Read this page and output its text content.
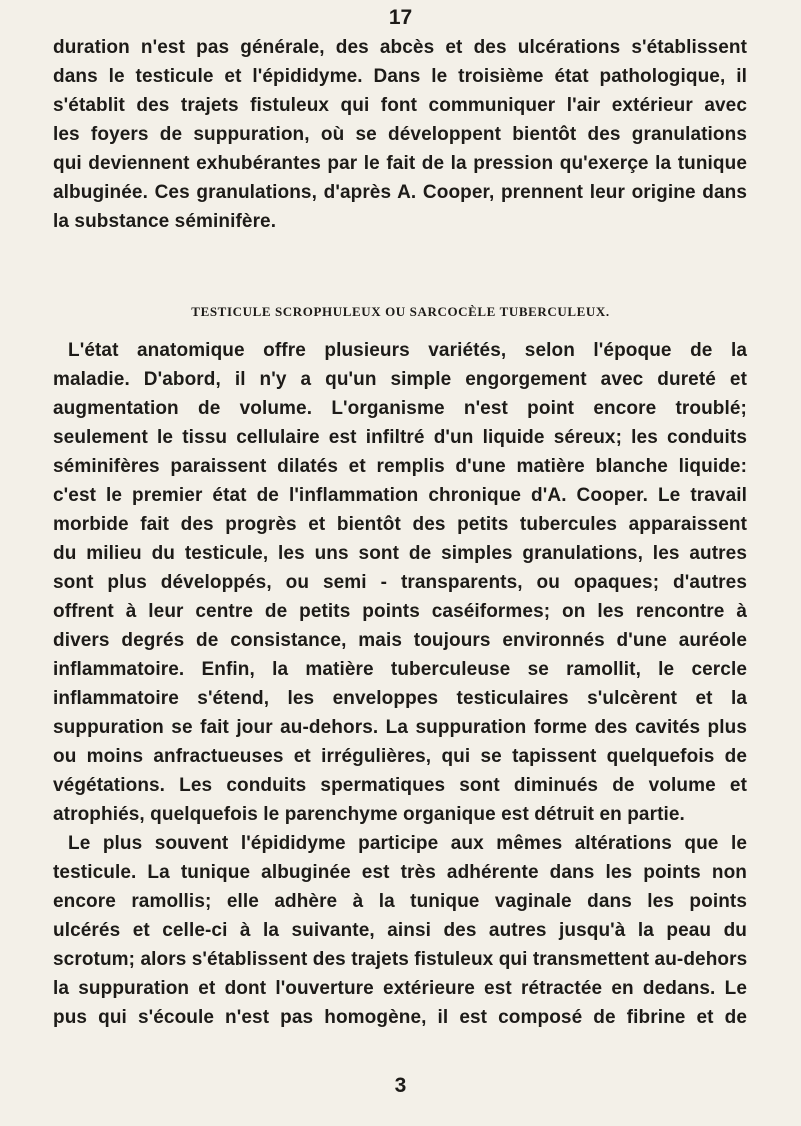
17
duration n'est pas générale, des abcès et des ulcérations s'établissent
dans le testicule et l'épididyme. Dans le troisième état pathologique, il
s'établit des trajets fistuleux qui font communiquer l'air extérieur avec
les foyers de suppuration, où se développent bientôt des granulations
qui deviennent exhubérantes par le fait de la pression qu'exerçe la tunique
albuginée. Ces granulations, d'après A. Cooper, prennent leur origine dans
la substance séminifère.
TESTICULE SCROPHULEUX OU SARCOCÈLE TUBERCULEUX.
L'état anatomique offre plusieurs variétés, selon l'époque de la
maladie. D'abord, il n'y a qu'un simple engorgement avec dureté et
augmentation de volume. L'organisme n'est point encore troublé;
seulement le tissu cellulaire est infiltré d'un liquide séreux; les conduits
séminifères paraissent dilatés et remplis d'une matière blanche liquide:
c'est le premier état de l'inflammation chronique d'A. Cooper. Le travail
morbide fait des progrès et bientôt des petits tubercules apparaissent
du milieu du testicule, les uns sont de simples granulations, les autres
sont plus développés, ou semi - transparents, ou opaques; d'autres
offrent à leur centre de petits points caséiformes; on les rencontre à
divers degrés de consistance, mais toujours environnés d'une auréole
inflammatoire. Enfin, la matière tuberculeuse se ramollit, le cercle
inflammatoire s'étend, les enveloppes testiculaires s'ulcèrent et la
suppuration se fait jour au-dehors. La suppuration forme des cavités plus
ou moins anfractueuses et irrégulières, qui se tapissent quelquefois de
végétations. Les conduits spermatiques sont diminués de volume et
atrophiés, quelquefois le parenchyme organique est détruit en partie.
Le plus souvent l'épididyme participe aux mêmes altérations que le
testicule. La tunique albuginée est très adhérente dans les points non
encore ramollis; elle adhère à la tunique vaginale dans les points
ulcérés et celle-ci à la suivante, ainsi des autres jusqu'à la peau du
scrotum; alors s'établissent des trajets fistuleux qui transmettent au-dehors
la suppuration et dont l'ouverture extérieure est rétractée en dedans. Le
pus qui s'écoule n'est pas homogène, il est composé de fibrine et de
3
